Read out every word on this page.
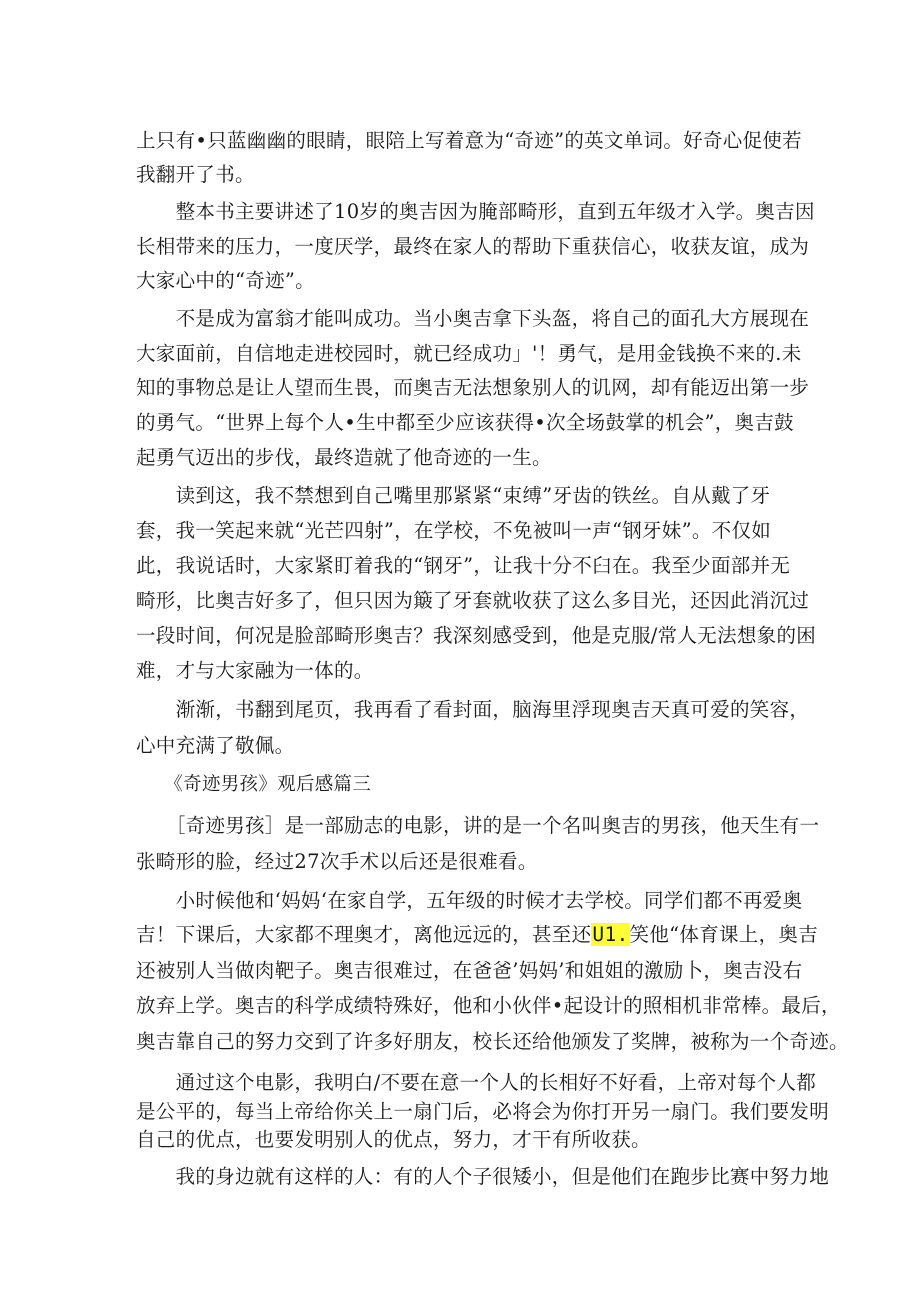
上只有•只蓝幽幽的眼睛，眼陪上写着意为“奇迹”的英文单词。好奇心促使若
我翻开了书。
　　整本书主要讲述了10岁的奥吉因为腌部畸形，直到五年级才入学。奥吉因
长相带来的压力，一度厌学，最终在家人的帮助下重获信心，收获友谊，成为
大家心中的“奇迹”。
　　不是成为富翁才能叫成功。当小奥吉拿下头盔，将自己的面孔大方展现在
大家面前，自信地走进校园时，就已经成功」'！勇气，是用金钱换不来的.未
知的事物总是让人望而生畏，而奥吉无法想象别人的讥网，却有能迈出第一步
的勇气。“世界上每个人•生中都至少应该获得•次全场鼓掌的机会”，奥吉鼓
起勇气迈出的步伐，最终造就了他奇迹的一生。
　　读到这，我不禁想到自己嘴里那紧紧“束缚”牙齿的铁丝。自从戴了牙
套，我一笑起来就“光芒四射”，在学校，不免被叫一声“钢牙妹”。不仅如
此，我说话时，大家紧盯着我的“钢牙”，让我十分不臼在。我至少面部并无
畸形，比奥吉好多了，但只因为簸了牙套就收获了这么多目光，还因此消沉过
一段时间，何况是脸部畸形奥吉？我深刻感受到，他是克服/常人无法想象的困
难，才与大家融为一体的。
　　渐渐，书翻到尾页，我再看了看封面，脑海里浮现奥吉天真可爱的笑容，
心中充满了敬佩。
　　《奇迹男孩》观后感篇三
　　［奇迹男孩］是一部励志的电影，讲的是一个名叫奥吉的男孩，他天生有一
张畸形的脸，经过27次手术以后还是很难看。
　　小时候他和‘妈妈‘在家自学，五年级的时候才去学校。同学们都不再爱奥
吉！下课后，大家都不理奥才，离他远远的，甚至还U1.笑他“体育课上，奥吉
还被别人当做肉靶子。奥吉很难过，在爸爸’妈妈’和姐姐的激励卜，奥吉没右
放弃上学。奥吉的科学成绩特殊好，他和小伙伴•起设计的照相机非常棒。最后，
奥吉靠自己的努力交到了许多好朋友，校长还给他颁发了奖牌，被称为一个奇迹。
　　通过这个电影，我明白/不要在意一个人的长相好不好看，上帝对每个人都
是公平的，每当上帝给你关上一扇门后，必将会为你打开另一扇门。我们要发明
自己的优点，也要发明别人的优点，努力，才干有所收获。
　　我的身边就有这样的人：有的人个子很矮小，但是他们在跑步比赛中努力地
